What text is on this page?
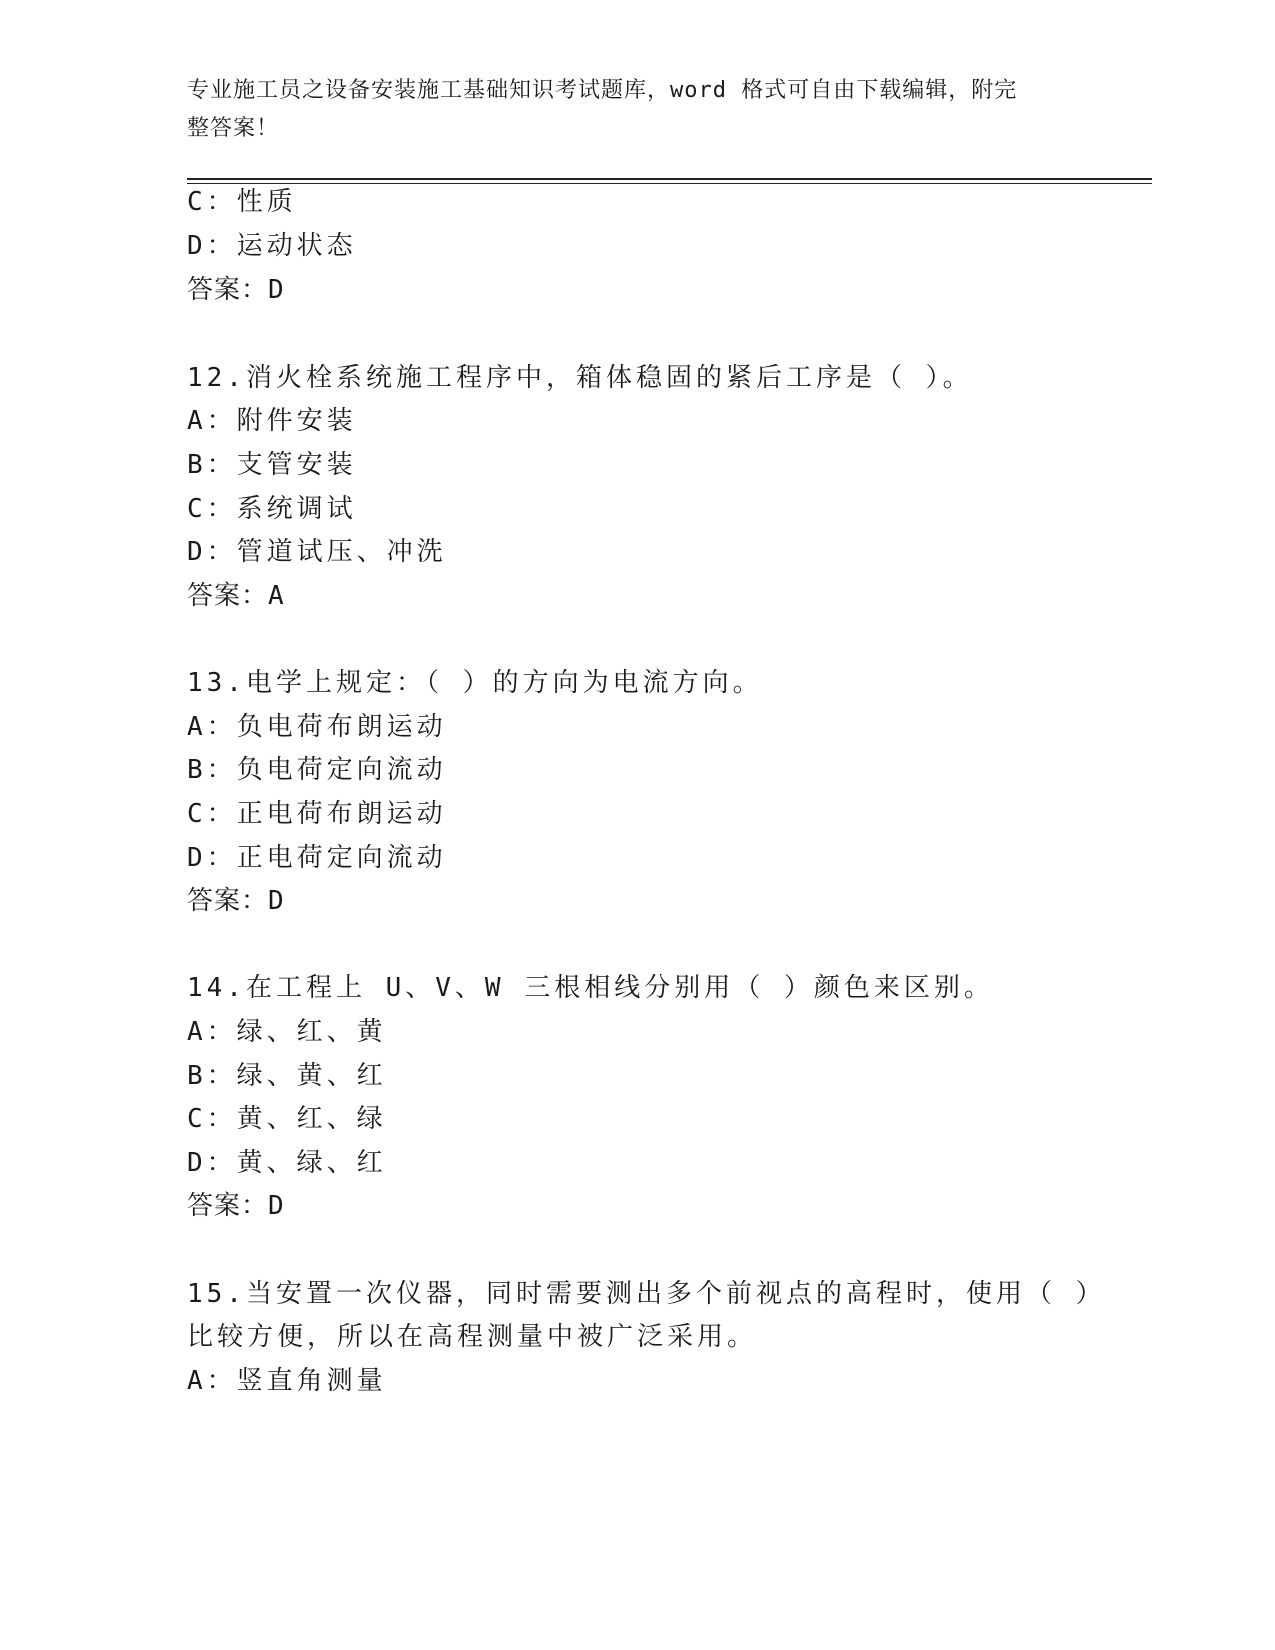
专业施工员之设备安装施工基础知识考试题库，word 格式可自由下载编辑，附完
整答案！
C：性质
D：运动状态
答案：D
12.消火栓系统施工程序中，箱体稳固的紧后工序是（ ）。
A：附件安装
B：支管安装
C：系统调试
D：管道试压、冲洗
答案：A
13.电学上规定：（ ）的方向为电流方向。
A：负电荷布朗运动
B：负电荷定向流动
C：正电荷布朗运动
D：正电荷定向流动
答案：D
14.在工程上 U、V、W 三根相线分别用（ ）颜色来区别。
A：绿、红、黄
B：绿、黄、红
C：黄、红、绿
D：黄、绿、红
答案：D
15.当安置一次仪器，同时需要测出多个前视点的高程时，使用（ ）
比较方便，所以在高程测量中被广泛采用。
A：竖直角测量
